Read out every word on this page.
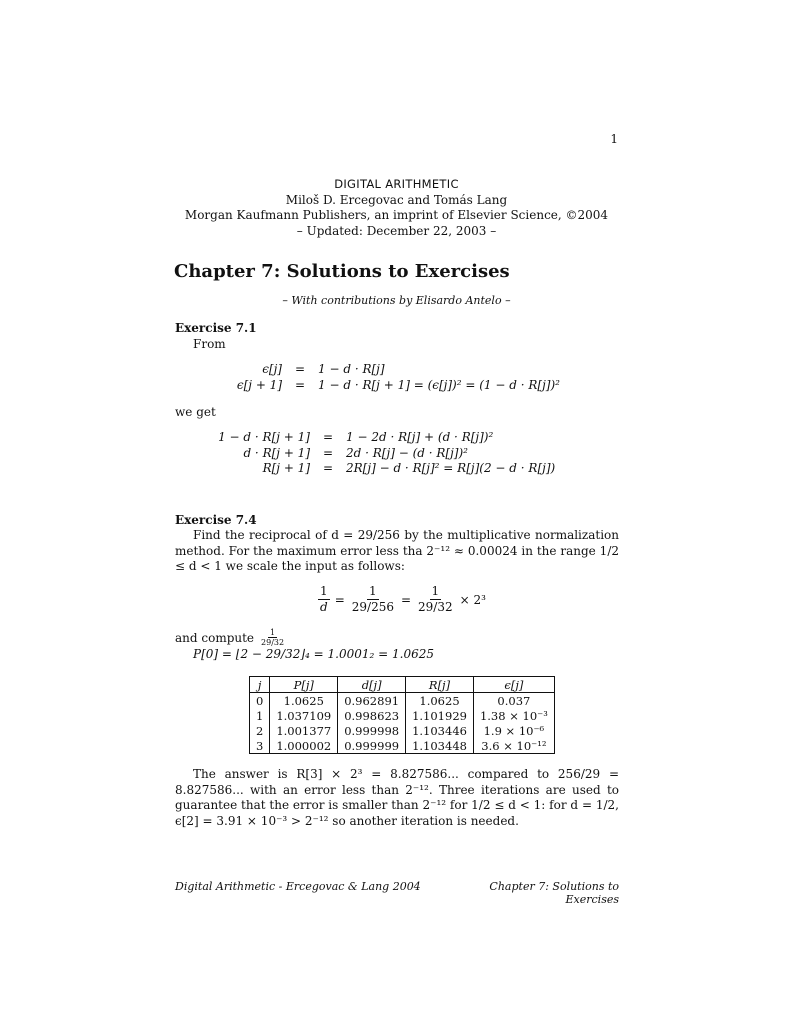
1
DIGITAL ARITHMETIC
Miloš D. Ercegovac and Tomás Lang
Morgan Kaufmann Publishers, an imprint of Elsevier Science, ©2004
– Updated: December 22, 2003 –
Chapter 7: Solutions to Exercises
– With contributions by Elisardo Antelo –
Exercise 7.1
From
ϵ[j]	=	1 − d · R[j]
ϵ[j + 1]	=	1 − d · R[j + 1] = (ϵ[j])² = (1 − d · R[j])²
we get
1 − d · R[j + 1]	=	1 − 2d · R[j] + (d · R[j])²
d · R[j + 1]	=	2d · R[j] − (d · R[j])²
R[j + 1]	=	2R[j] − d · R[j]² = R[j](2 − d · R[j])
Exercise 7.4
Find the reciprocal of d = 29/256 by the multiplicative normalization method. For the maximum error less tha 2⁻¹² ≈ 0.00024 in the range 1/2 ≤ d < 1 we scale the input as follows:
$\frac{1}{d} = \frac{1}{29/256} = \frac{1}{29/32} \times 2^3$
and compute $\frac{1}{29/32}$
P[0] = ⌊2 − 29/32⌋₄ = 1.0001₂ = 1.0625
j	P[j]	d[j]	R[j]	ϵ[j]
0	1.0625	0.962891	1.0625	0.037
1	1.037109	0.998623	1.101929	1.38 × 10⁻³
2	1.001377	0.999998	1.103446	1.9 × 10⁻⁶
3	1.000002	0.999999	1.103448	3.6 × 10⁻¹²
The answer is R[3] × 2³ = 8.827586... compared to 256/29 = 8.827586... with an error less than 2⁻¹². Three iterations are used to guarantee that the error is smaller than 2⁻¹² for 1/2 ≤ d < 1: for d = 1/2, ϵ[2] = 3.91 × 10⁻³ > 2⁻¹² so another iteration is needed.
Digital Arithmetic - Ercegovac & Lang 2004	Chapter 7: Solutions to Exercises
